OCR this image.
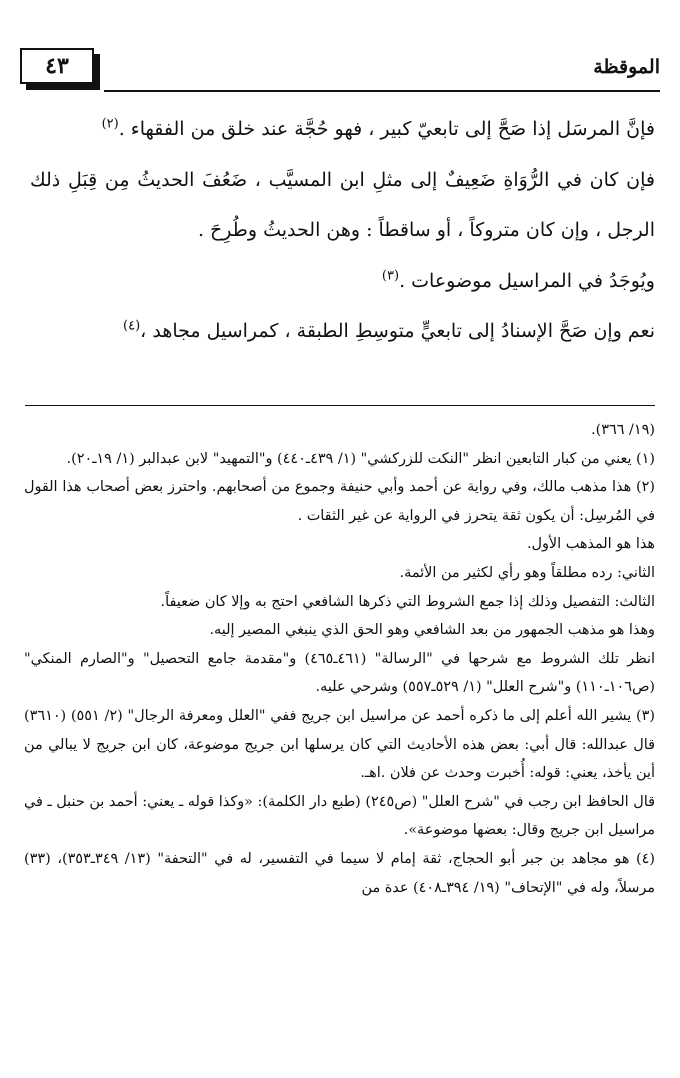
٤٣	الموقظة

فإنَّ المرسَل إذا صَحَّ إلى تابعيّ كبير ، فهو حُجَّة عند خلق من الفقهاء .$^{(٢)}$

فإن كان في الرُّوَاةِ ضَعِيفٌ إلى مثلِ ابن المسيَّب ، ضَعُفَ الحديثُ مِن قِبَلِ ذلك الرجل ، وإن كان متروكاً ، أو ساقطاً : وهن الحديثُ وطُرِحَ .

ويُوجَدُ في المراسيل موضوعات .$^{(٣)}$

نعم وإن صَحَّ الإسنادُ إلى تابعيٍّ متوسِطِ الطبقة ، كمراسيل مجاهد ،$^{(٤)}$

(١٩/ ٣٦٦).

(١) يعني من كبار التابعين انظر "النكت للزركشي" (١/ ٤٣٩ـ٤٤٠) و"التمهيد" لابن عبدالبر (١/ ١٩ـ٢٠).

(٢) هذا مذهب مالك، وفي رواية عن أحمد وأبي حنيفة وجموع من أصحابهم. واحترز بعض أصحاب هذا القول في المُرسِل: أن يكون ثقة يتحرز في الرواية عن غير الثقات .

هذا هو المذهب الأول.

الثاني: رده مطلقاً وهو رأي لكثير من الأئمة.

الثالث: التفصيل وذلك إذا جمع الشروط التي ذكرها الشافعي احتج به وإلا كان ضعيفاً.

وهذا هو مذهب الجمهور من بعد الشافعي وهو الحق الذي ينبغي المصير إليه.

انظر تلك الشروط مع شرحها في "الرسالة" (٤٦١ـ٤٦٥) و"مقدمة جامع التحصيل" و"الصارم المنكي" (ص١٠٦ـ١١٠) و"شرح العلل" (١/ ٥٢٩ـ٥٥٧) وشرحي عليه.

(٣) يشير الله أعلم إلى ما ذكره أحمد عن مراسيل ابن جريج ففي "العلل ومعرفة الرجال" (٢/ ٥٥١) (٣٦١٠) قال عبدالله: قال أبي: بعض هذه الأحاديث التي كان يرسلها ابن جريج موضوعة، كان ابن جريج لا يبالي من أين يأخذ، يعني: قوله: أُخبرت وحدث عن فلان .اهـ.

قال الحافظ ابن رجب في "شرح العلل" (ص٢٤٥) (طبع دار الكلمة): «وكذا قوله ـ يعني: أحمد بن حنبل ـ في مراسيل ابن جريج وقال: بعضها موضوعة».

(٤) هو مجاهد بن جبر أبو الحجاج، ثقة إمام لا سيما في التفسير، له في "التحفة" (١٣/ ٣٤٩ـ٣٥٣)، (٣٣) مرسلاً، وله في "الإتحاف" (١٩/ ٣٩٤ـ٤٠٨) عدة من
